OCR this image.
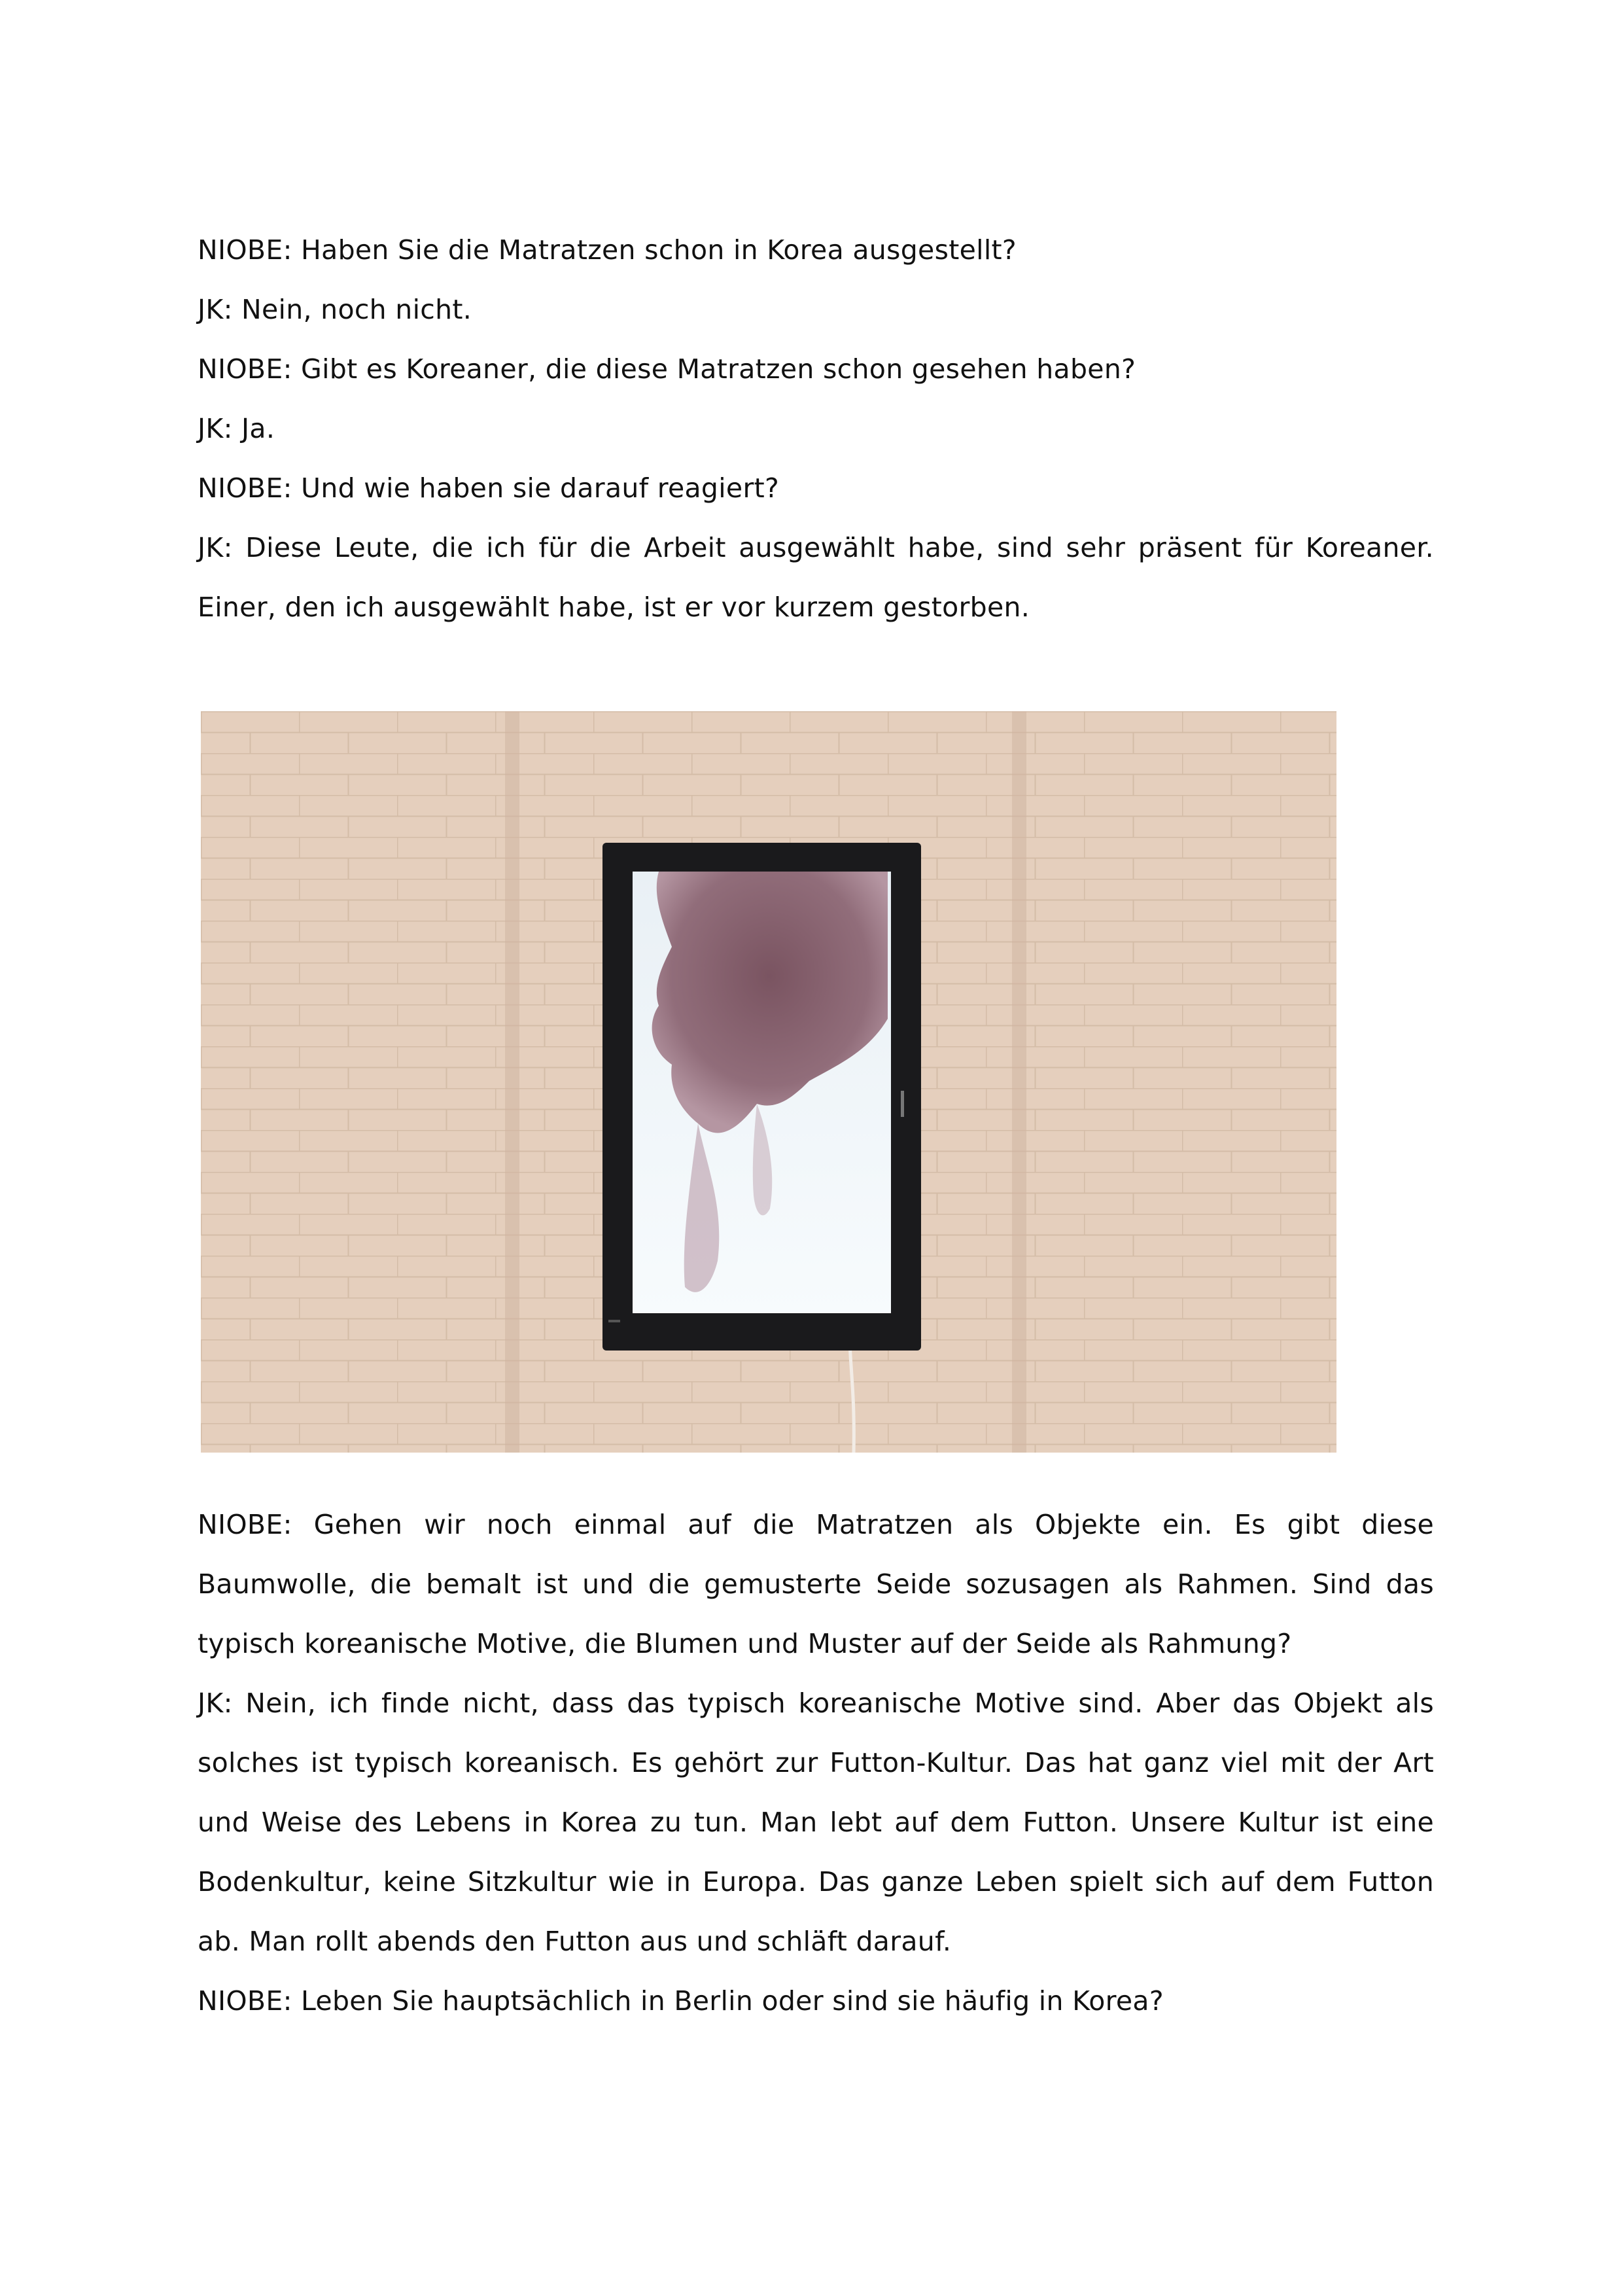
NIOBE: Haben Sie die Matratzen schon in Korea ausgestellt?
JK: Nein, noch nicht.
NIOBE: Gibt es Koreaner, die diese Matratzen schon gesehen haben?
JK: Ja.
NIOBE: Und wie haben sie darauf reagiert?
JK: Diese Leute, die ich für die Arbeit ausgewählt habe, sind sehr präsent für Koreaner.
Einer, den ich ausgewählt habe, ist er vor kurzem gestorben.
NIOBE: Gehen wir noch einmal auf die Matratzen als Objekte ein. Es gibt diese
Baumwolle, die bemalt ist und die gemusterte Seide sozusagen als Rahmen. Sind das
typisch koreanische Motive, die Blumen und Muster auf der Seide als Rahmung?
JK: Nein, ich finde nicht, dass das typisch koreanische Motive sind. Aber das Objekt als
solches ist typisch koreanisch. Es gehört zur Futton-Kultur. Das hat ganz viel mit der Art
und Weise des Lebens in Korea zu tun. Man lebt auf dem Futton. Unsere Kultur ist eine
Bodenkultur, keine Sitzkultur wie in Europa. Das ganze Leben spielt sich auf dem Futton
ab. Man rollt abends den Futton aus und schläft darauf.
NIOBE: Leben Sie hauptsächlich in Berlin oder sind sie häufig in Korea?
